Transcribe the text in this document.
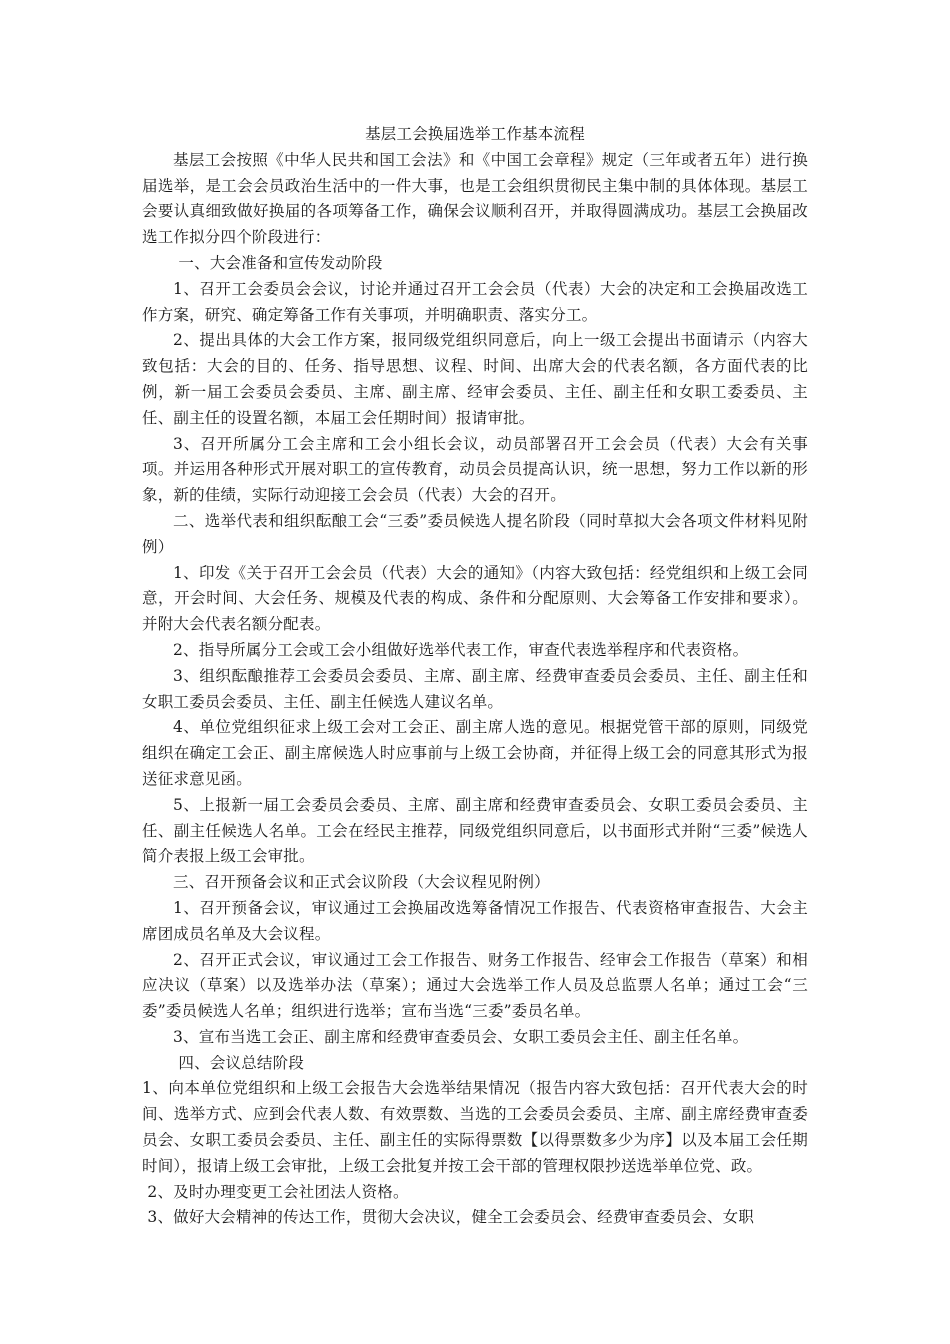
基层工会换届选举工作基本流程

基层工会按照《中华人民共和国工会法》和《中国工会章程》规定（三年或者五年）进行换届选举，是工会会员政治生活中的一件大事，也是工会组织贯彻民主集中制的具体体现。基层工会要认真细致做好换届的各项筹备工作，确保会议顺利召开，并取得圆满成功。基层工会换届改选工作拟分四个阶段进行：

一、大会准备和宣传发动阶段

1、召开工会委员会会议，讨论并通过召开工会会员（代表）大会的决定和工会换届改选工作方案，研究、确定筹备工作有关事项，并明确职责、落实分工。

2、提出具体的大会工作方案，报同级党组织同意后，向上一级工会提出书面请示（内容大致包括：大会的目的、任务、指导思想、议程、时间、出席大会的代表名额，各方面代表的比例，新一届工会委员会委员、主席、副主席、经审会委员、主任、副主任和女职工委委员、主任、副主任的设置名额，本届工会任期时间）报请审批。

3、召开所属分工会主席和工会小组长会议，动员部署召开工会会员（代表）大会有关事项。并运用各种形式开展对职工的宣传教育，动员会员提高认识，统一思想，努力工作以新的形象，新的佳绩，实际行动迎接工会会员（代表）大会的召开。

二、选举代表和组织酝酿工会“三委”委员候选人提名阶段（同时草拟大会各项文件材料见附例）

1、印发《关于召开工会会员（代表）大会的通知》（内容大致包括：经党组织和上级工会同意，开会时间、大会任务、规模及代表的构成、条件和分配原则、大会筹备工作安排和要求）。并附大会代表名额分配表。

2、指导所属分工会或工会小组做好选举代表工作，审查代表选举程序和代表资格。

3、组织酝酿推荐工会委员会委员、主席、副主席、经费审查委员会委员、主任、副主任和女职工委员会委员、主任、副主任候选人建议名单。

4、单位党组织征求上级工会对工会正、副主席人选的意见。根据党管干部的原则，同级党组织在确定工会正、副主席候选人时应事前与上级工会协商，并征得上级工会的同意其形式为报送征求意见函。

5、上报新一届工会委员会委员、主席、副主席和经费审查委员会、女职工委员会委员、主任、副主任候选人名单。工会在经民主推荐，同级党组织同意后，以书面形式并附“三委”候选人简介表报上级工会审批。

三、召开预备会议和正式会议阶段（大会议程见附例）

1、召开预备会议，审议通过工会换届改选筹备情况工作报告、代表资格审查报告、大会主席团成员名单及大会议程。

2、召开正式会议，审议通过工会工作报告、财务工作报告、经审会工作报告（草案）和相应决议（草案）以及选举办法（草案）；通过大会选举工作人员及总监票人名单；通过工会“三委”委员候选人名单；组织进行选举；宣布当选“三委”委员名单。

3、宣布当选工会正、副主席和经费审查委员会、女职工委员会主任、副主任名单。

四、会议总结阶段

1、向本单位党组织和上级工会报告大会选举结果情况（报告内容大致包括：召开代表大会的时间、选举方式、应到会代表人数、有效票数、当选的工会委员会委员、主席、副主席经费审查委员会、女职工委员会委员、主任、副主任的实际得票数【以得票数多少为序】以及本届工会任期时间），报请上级工会审批，上级工会批复并按工会干部的管理权限抄送选举单位党、政。

2、及时办理变更工会社团法人资格。

3、做好大会精神的传达工作，贯彻大会决议，健全工会委员会、经费审查委员会、女职
